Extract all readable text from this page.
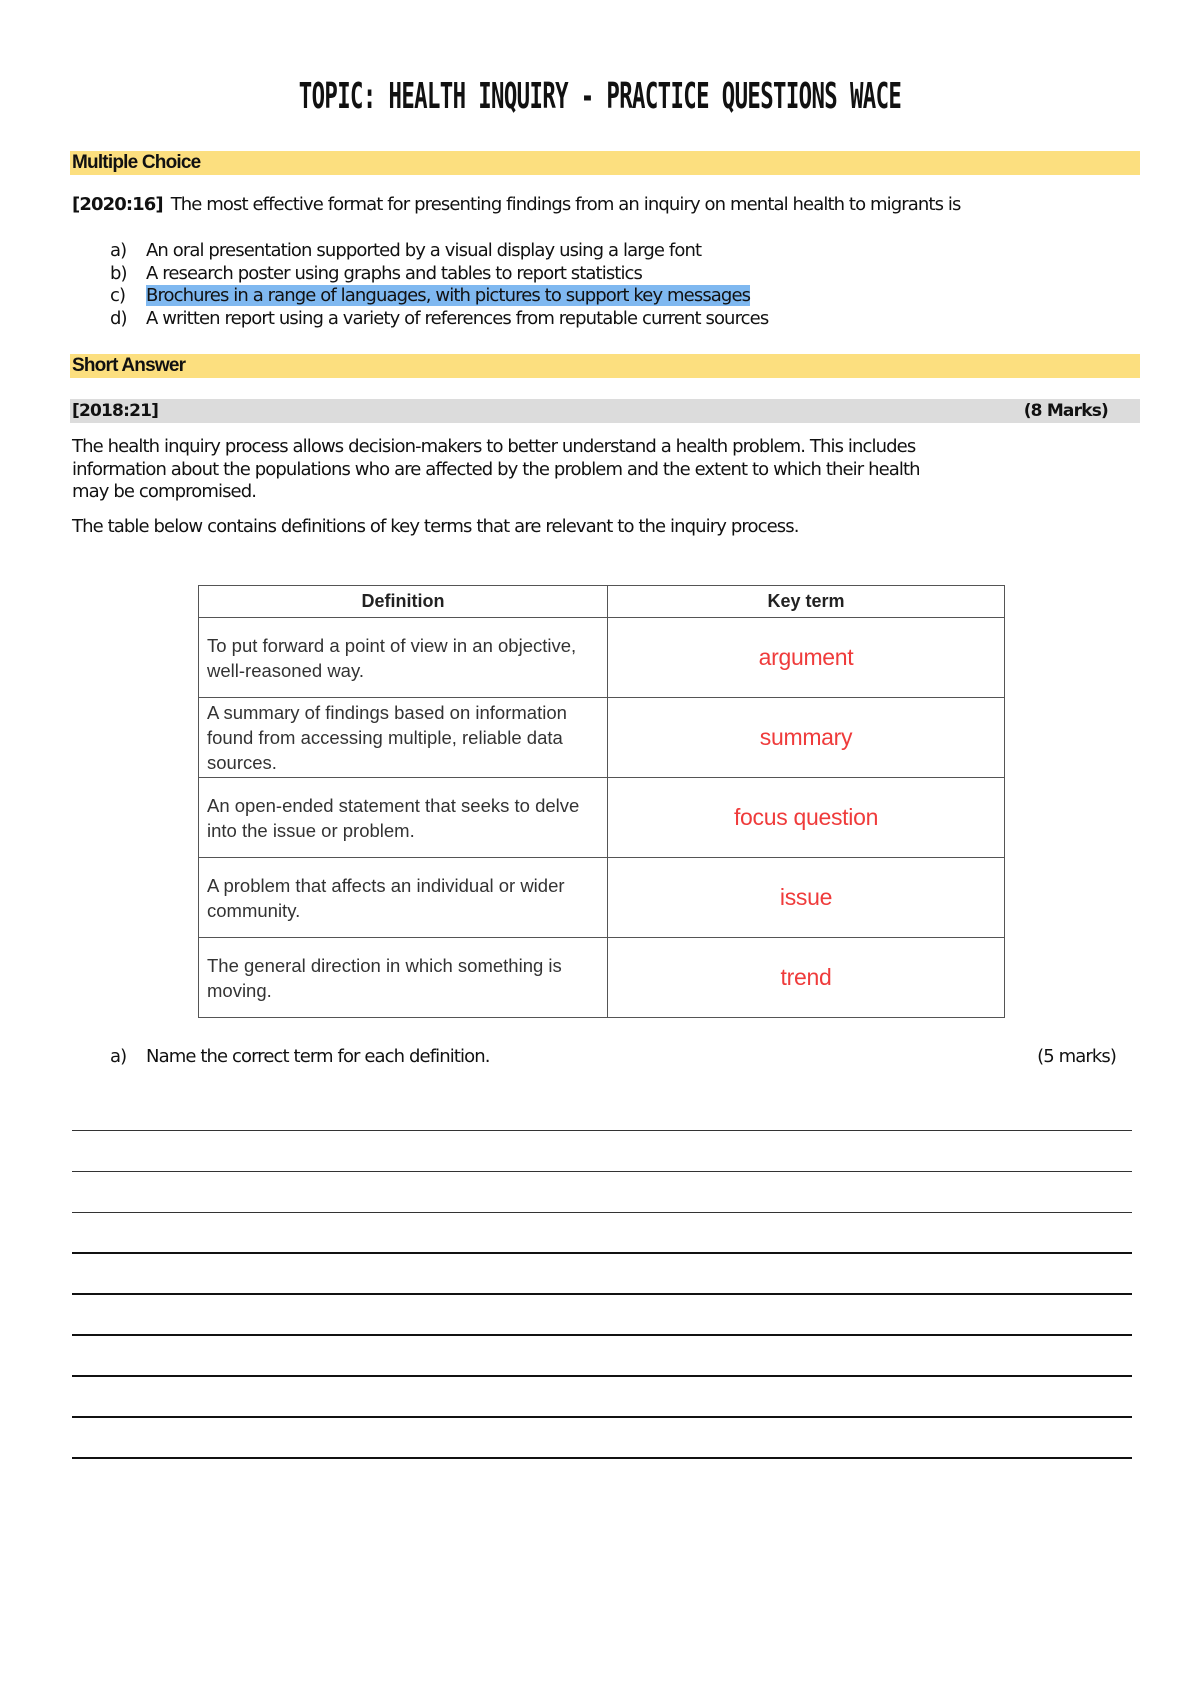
TOPIC: HEALTH INQUIRY - PRACTICE QUESTIONS WACE
Multiple Choice
[2020:16] The most effective format for presenting findings from an inquiry on mental health to migrants is
a) An oral presentation supported by a visual display using a large font
b) A research poster using graphs and tables to report statistics
c) Brochures in a range of languages, with pictures to support key messages
d) A written report using a variety of references from reputable current sources
Short Answer
[2018:21]	(8 Marks)
The health inquiry process allows decision-makers to better understand a health problem. This includes information about the populations who are affected by the problem and the extent to which their health may be compromised.
The table below contains definitions of key terms that are relevant to the inquiry process.
Definition	Key term
To put forward a point of view in an objective, well-reasoned way.	argument
A summary of findings based on information found from accessing multiple, reliable data sources.	summary
An open-ended statement that seeks to delve into the issue or problem.	focus question
A problem that affects an individual or wider community.	issue
The general direction in which something is moving.	trend
a) Name the correct term for each definition.	(5 marks)
